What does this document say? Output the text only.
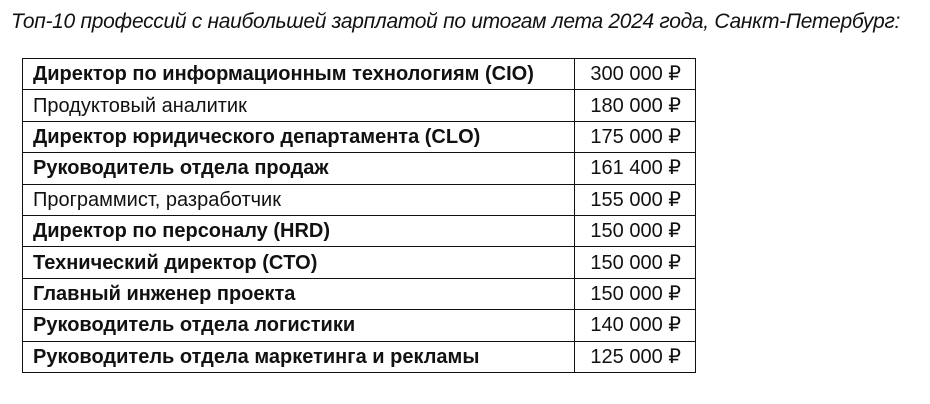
Топ-10 профессий с наибольшей зарплатой по итогам лета 2024 года, Санкт-Петербург:
Директор по информационным технологиям (CIO)	300 000 ₽
Продуктовый аналитик	180 000 ₽
Директор юридического департамента (CLO)	175 000 ₽
Руководитель отдела продаж	161 400 ₽
Программист, разработчик	155 000 ₽
Директор по персоналу (HRD)	150 000 ₽
Технический директор (CTO)	150 000 ₽
Главный инженер проекта	150 000 ₽
Руководитель отдела логистики	140 000 ₽
Руководитель отдела маркетинга и рекламы	125 000 ₽
